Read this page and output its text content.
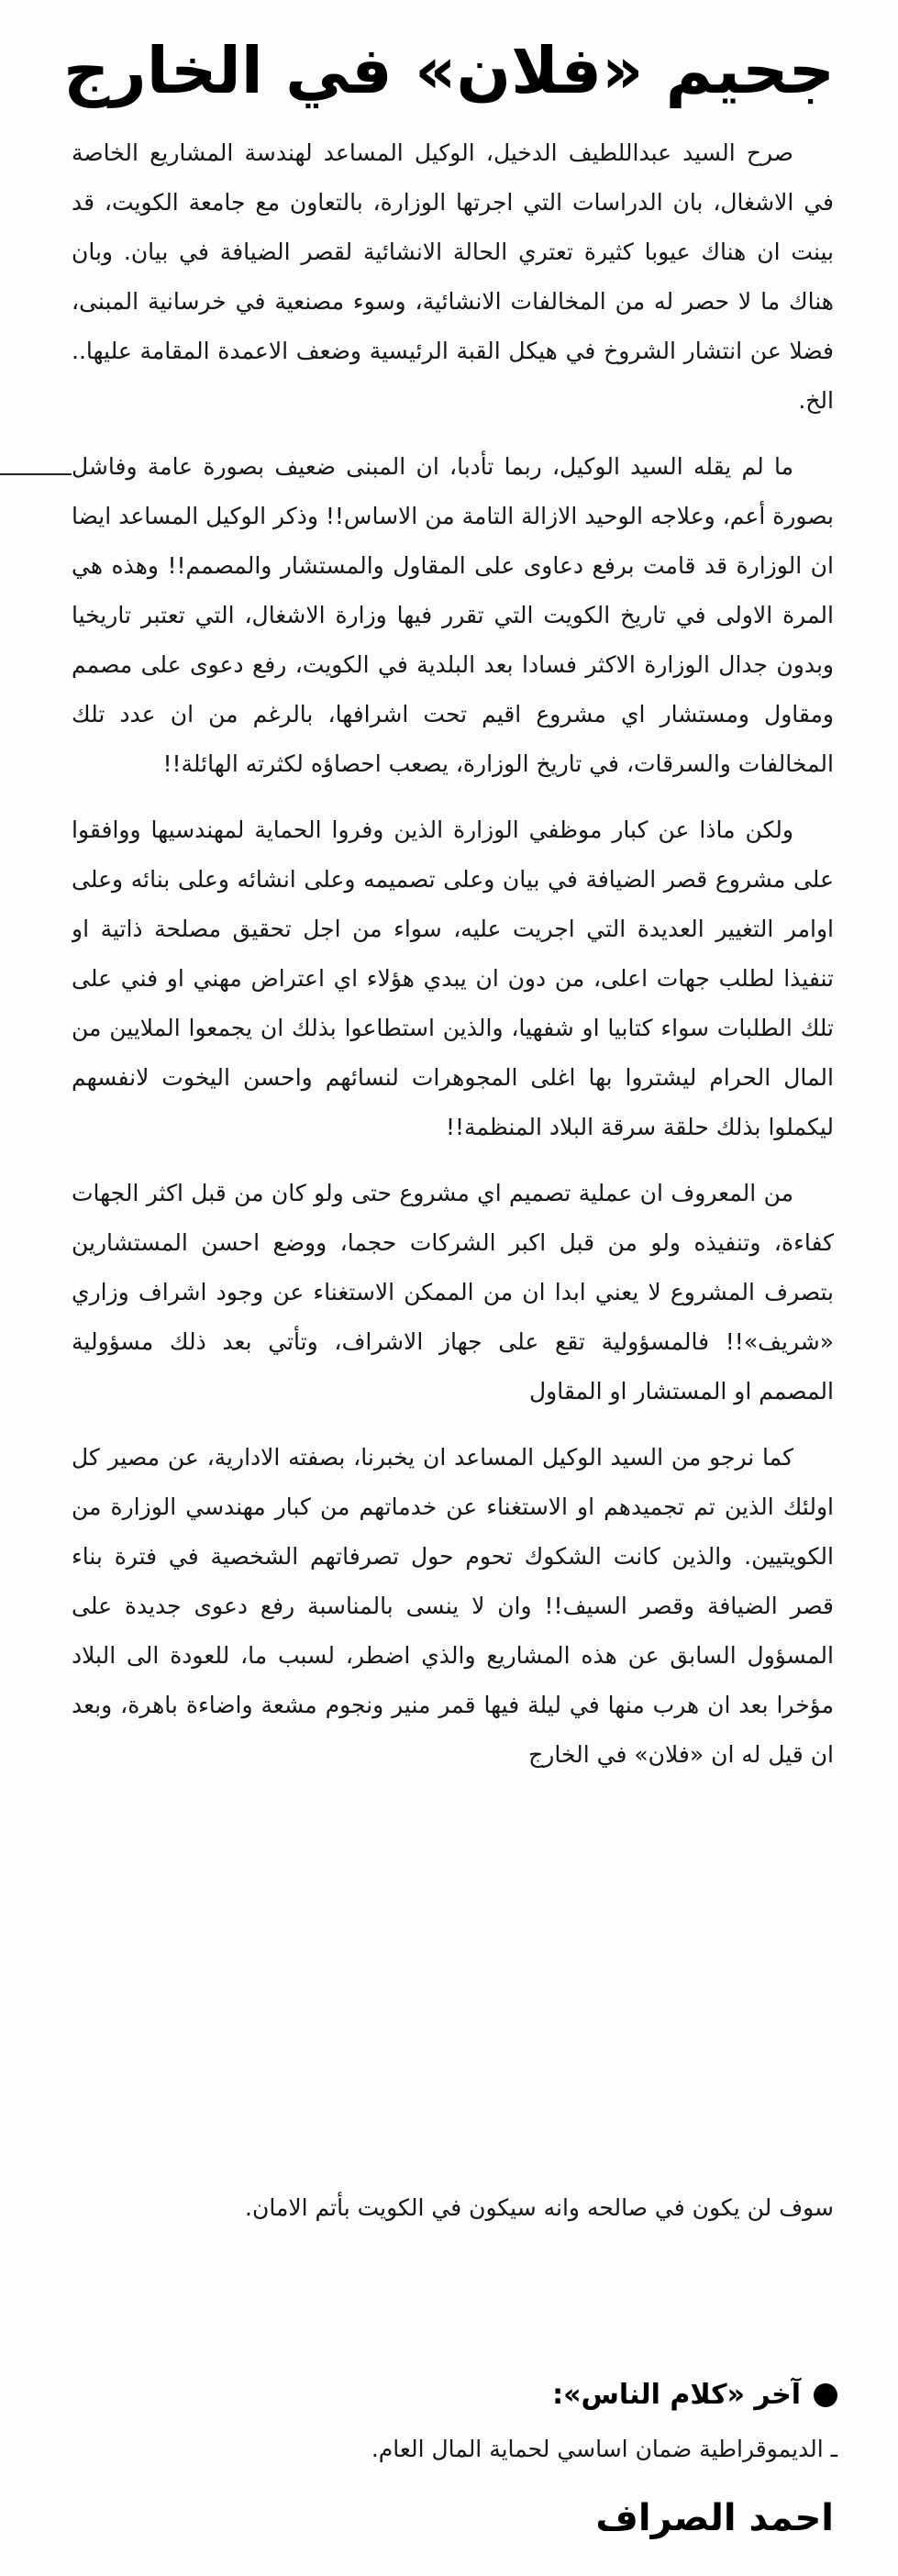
جحيم «فلان» في الخارج

صرح السيد عبداللطيف الدخيل، الوكيل المساعد لهندسة المشاريع الخاصة في الاشغال، بان الدراسات التي اجرتها الوزارة، بالتعاون مع جامعة الكويت، قد بينت ان هناك عيوبا كثيرة تعتري الحالة الانشائية لقصر الضيافة في بيان. وبان هناك ما لا حصر له من المخالفات الانشائية، وسوء مصنعية في خرسانية المبنى، فضلا عن انتشار الشروخ في هيكل القبة الرئيسية وضعف الاعمدة المقامة عليها.. الخ.

ما لم يقله السيد الوكيل، ربما تأدبا، ان المبنى ضعيف بصورة عامة وفاشل بصورة أعم، وعلاجه الوحيد الازالة التامة من الاساس!! وذكر الوكيل المساعد ايضا ان الوزارة قد قامت برفع دعاوى على المقاول والمستشار والمصمم!! وهذه هي المرة الاولى في تاريخ الكويت التي تقرر فيها وزارة الاشغال، التي تعتبر تاريخيا وبدون جدال الوزارة الاكثر فسادا بعد البلدية في الكويت، رفع دعوى على مصمم ومقاول ومستشار اي مشروع اقيم تحت اشرافها، بالرغم من ان عدد تلك المخالفات والسرقات، في تاريخ الوزارة، يصعب احصاؤه لكثرته الهائلة!!

ولكن ماذا عن كبار موظفي الوزارة الذين وفروا الحماية لمهندسيها ووافقوا على مشروع قصر الضيافة في بيان وعلى تصميمه وعلى انشائه وعلى بنائه وعلى اوامر التغيير العديدة التي اجريت عليه، سواء من اجل تحقيق مصلحة ذاتية او تنفيذا لطلب جهات اعلى، من دون ان يبدي هؤلاء اي اعتراض مهني او فني على تلك الطلبات سواء كتابيا او شفهيا، والذين استطاعوا بذلك ان يجمعوا الملايين من المال الحرام ليشتروا بها اغلى المجوهرات لنسائهم واحسن اليخوت لانفسهم ليكملوا بذلك حلقة سرقة البلاد المنظمة!!

من المعروف ان عملية تصميم اي مشروع حتى ولو كان من قبل اكثر الجهات كفاءة، وتنفيذه ولو من قبل اكبر الشركات حجما، ووضع احسن المستشارين بتصرف المشروع لا يعني ابدا ان من الممكن الاستغناء عن وجود اشراف وزاري «شريف»!! فالمسؤولية تقع على جهاز الاشراف، وتأتي بعد ذلك مسؤولية المصمم او المستشار او المقاول

كما نرجو من السيد الوكيل المساعد ان يخبرنا، بصفته الادارية، عن مصير كل اولئك الذين تم تجميدهم او الاستغناء عن خدماتهم من كبار مهندسي الوزارة من الكويتيين. والذين كانت الشكوك تحوم حول تصرفاتهم الشخصية في فترة بناء قصر الضيافة وقصر السيف!! وان لا ينسى بالمناسبة رفع دعوى جديدة على المسؤول السابق عن هذه المشاريع والذي اضطر، لسبب ما، للعودة الى البلاد مؤخرا بعد ان هرب منها في ليلة فيها قمر منير ونجوم مشعة واضاءة باهرة، وبعد ان قيل له ان «فلان» في الخارج

سوف لن يكون في صالحه وانه سيكون في الكويت بأتم الامان.

آخر «كلام الناس»:

ـ الديموقراطية ضمان اساسي لحماية المال العام.

احمد الصراف
